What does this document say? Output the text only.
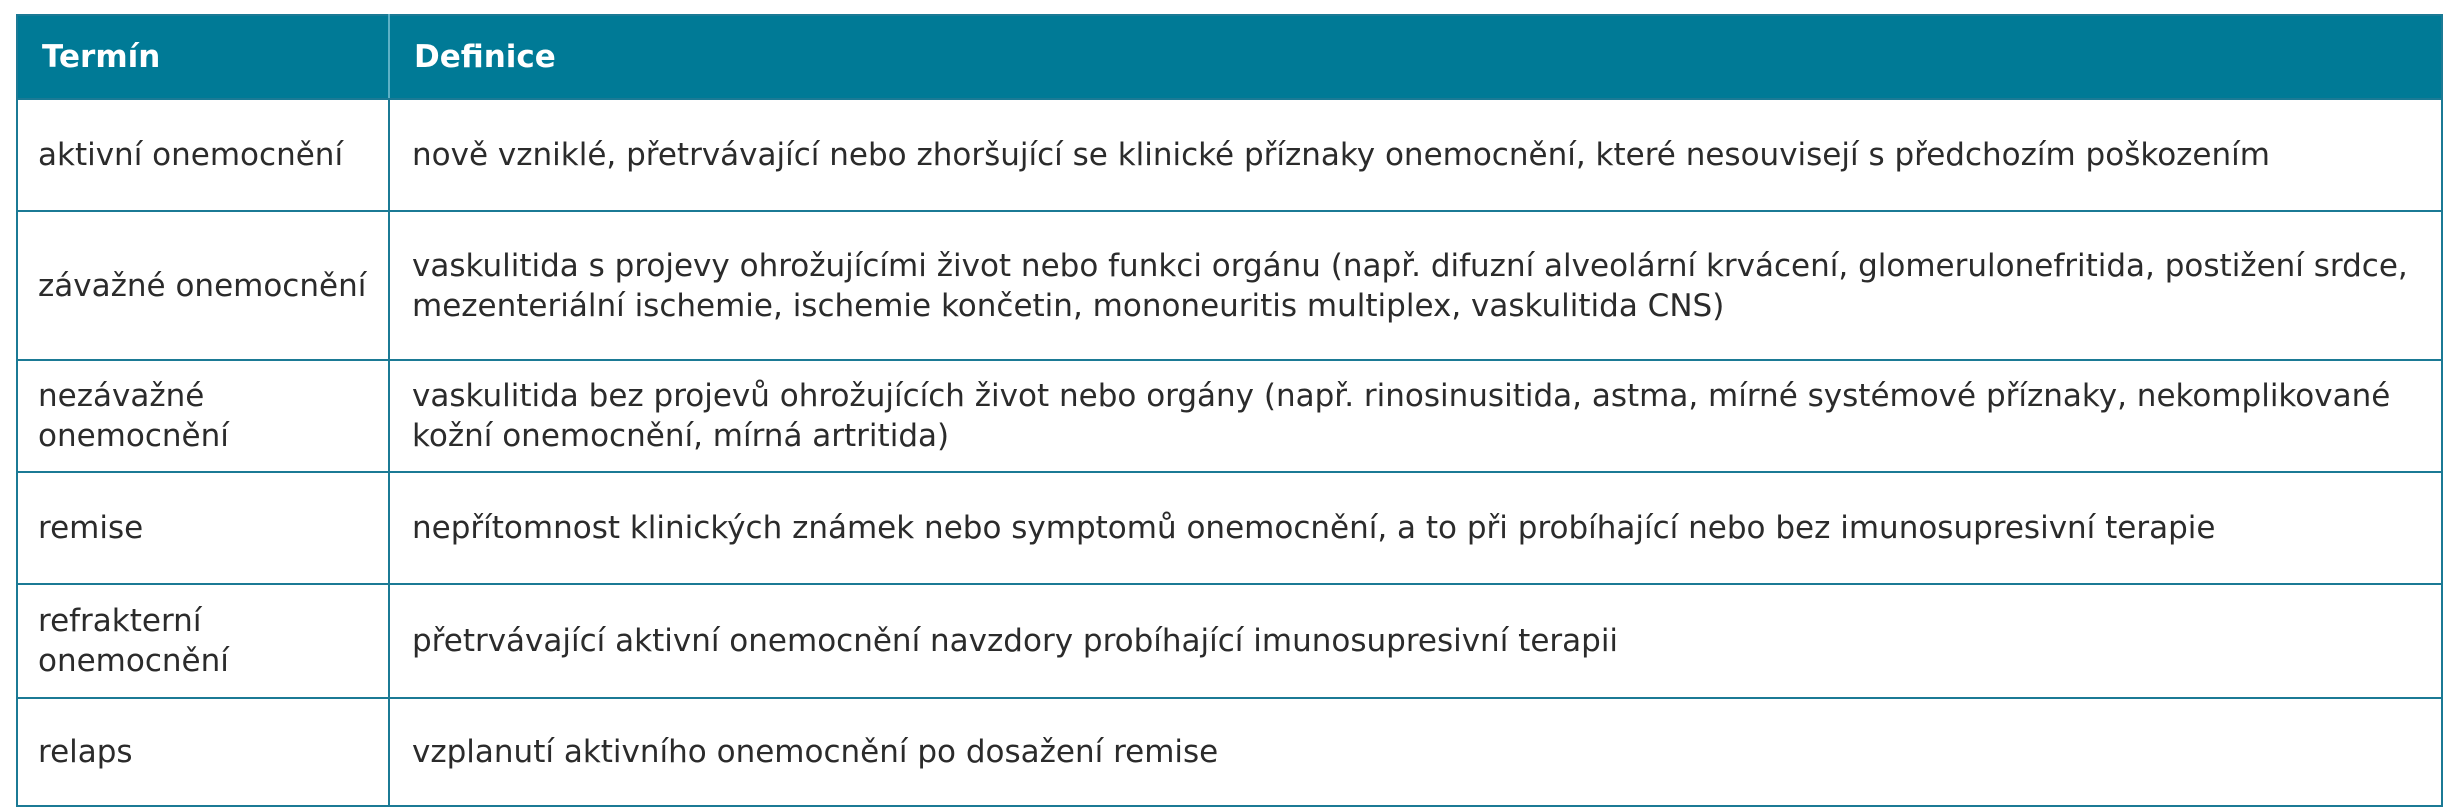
Termín	Definice
aktivní onemocnění	nově vzniklé, přetrvávající nebo zhoršující se klinické příznaky onemocnění, které nesouvisejí s předchozím poškozením
závažné onemocnění	vaskulitida s projevy ohrožujícími život nebo funkci orgánu (např. difuzní alveolární krvácení, glomerulonefritida, postižení srdce, mezenteriální ischemie, ischemie končetin, mononeuritis multiplex, vaskulitida CNS)
nezávažné onemocnění	vaskulitida bez projevů ohrožujících život nebo orgány (např. rinosinusitida, astma, mírné systémové příznaky, nekomplikované kožní onemocnění, mírná artritida)
remise	nepřítomnost klinických známek nebo symptomů onemocnění, a to při probíhající nebo bez imunosupresivní terapie
refrakterní onemocnění	přetrvávající aktivní onemocnění navzdory probíhající imunosupresivní terapii
relaps	vzplanutí aktivního onemocnění po dosažení remise
